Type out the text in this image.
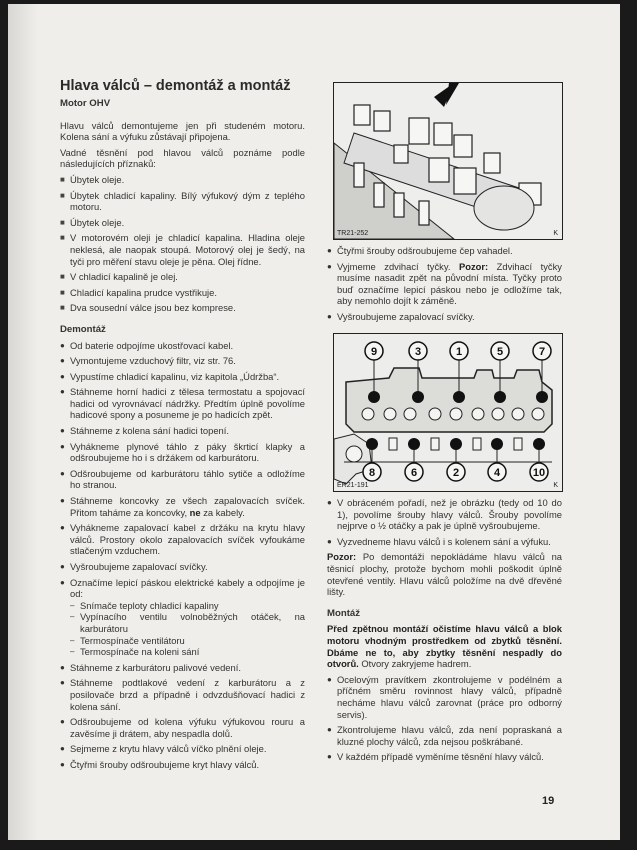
Hlava válců – demontáž a montáž
Motor OHV

Hlavu válců demontujeme jen při studeném motoru. Kolena sání a výfuku zůstávají připojena.

Vadné těsnění pod hlavou válců poznáme podle následujících příznaků:

■ Úbytek oleje.
■ Úbytek chladicí kapaliny. Bílý výfukový dým z teplého motoru.
■ Úbytek oleje.
■ V motorovém oleji je chladicí kapalina. Hladina oleje neklesá, ale naopak stoupá. Motorový olej je šedý, na tyči pro měření stavu oleje je pěna. Olej řídne.
■ V chladicí kapalině je olej.
■ Chladicí kapalina prudce vystřikuje.
■ Dva sousední válce jsou bez komprese.
Demontáž
● Od baterie odpojíme ukostřovací kabel.
● Vymontujeme vzduchový filtr, viz str. 76.
● Vypustíme chladicí kapalinu, viz kapitola „Údržba“.
● Stáhneme horní hadici z tělesa termostatu a spojovací hadici od vyrovnávací nádržky. Předtím úplně povolíme hadicové spony a posuneme je po hadicích zpět.
● Stáhneme z kolena sání hadici topení.
● Vyhákneme plynové táhlo z páky škrticí klapky a odšroubujeme ho i s držákem od karburátoru.
● Odšroubujeme od karburátoru táhlo sytiče a odložíme ho stranou.
● Stáhneme koncovky ze všech zapalovacích svíček. Přitom taháme za koncovky, ne za kabely.
● Vyhákneme zapalovací kabel z držáku na krytu hlavy válců. Prostory okolo zapalovacích svíček vyfoukáme stlačeným vzduchem.
● Vyšroubujeme zapalovací svíčky.
● Označíme lepicí páskou elektrické kabely a odpojíme je od:
– Snímače teploty chladicí kapaliny
– Vypínacího ventilu volnoběžných otáček, na karburátoru
– Termospínače ventilátoru
– Termospínače na koleni sání
● Stáhneme z karburátoru palivové vedení.
● Stáhneme podtlakové vedení z karburátoru a z posilovače brzd a případně i odvzdušňovací hadici z kolena sání.
● Odšroubujeme od kolena výfuku výfukovou rouru a zavěsíme ji drátem, aby nespadla dolů.
● Sejmeme z krytu hlavy válců víčko plnění oleje.
● Čtyřmi šrouby odšroubujeme kryt hlavy válců.
TR21-252	K
● Čtyřmi šrouby odšroubujeme čep vahadel.
● Vyjmeme zdvihací tyčky. Pozor: Zdvihací tyčky musíme nasadit zpět na původní místa. Tyčky proto buď označíme lepicí páskou nebo je odložíme tak, aby nemohlo dojít k záměně.
● Vyšroubujeme zapalovací svíčky.
9	3	1	5	7
8	6	2	4	10
ER21-191	K
● V obráceném pořadí, než je obrázku (tedy od 10 do 1), povolíme šrouby hlavy válců. Šrouby povolíme nejprve o ½ otáčky a pak je úplně vyšroubujeme.
● Vyzvedneme hlavu válců i s kolenem sání a výfuku.

Pozor: Po demontáži nepokládáme hlavu válců na těsnicí plochy, protože bychom mohli poškodit úplně otevřené ventily. Hlavu válců položíme na dvě dřevěné lišty.

Montáž

Před zpětnou montáží očistíme hlavu válců a blok motoru vhodným prostředkem od zbytků těsnění. Dbáme ne to, aby zbytky těsnění nespadly do otvorů. Otvory zakryjeme hadrem.

● Ocelovým pravítkem zkontrolujeme v podélném a příčném směru rovinnost hlavy válců, případně necháme hlavu válců zarovnat (práce pro odborný servis).
● Zkontrolujeme hlavu válců, zda není popraskaná a kluzné plochy válců, zda nejsou poškrábané.
● V každém případě vyměníme těsnění hlavy válců.
19
